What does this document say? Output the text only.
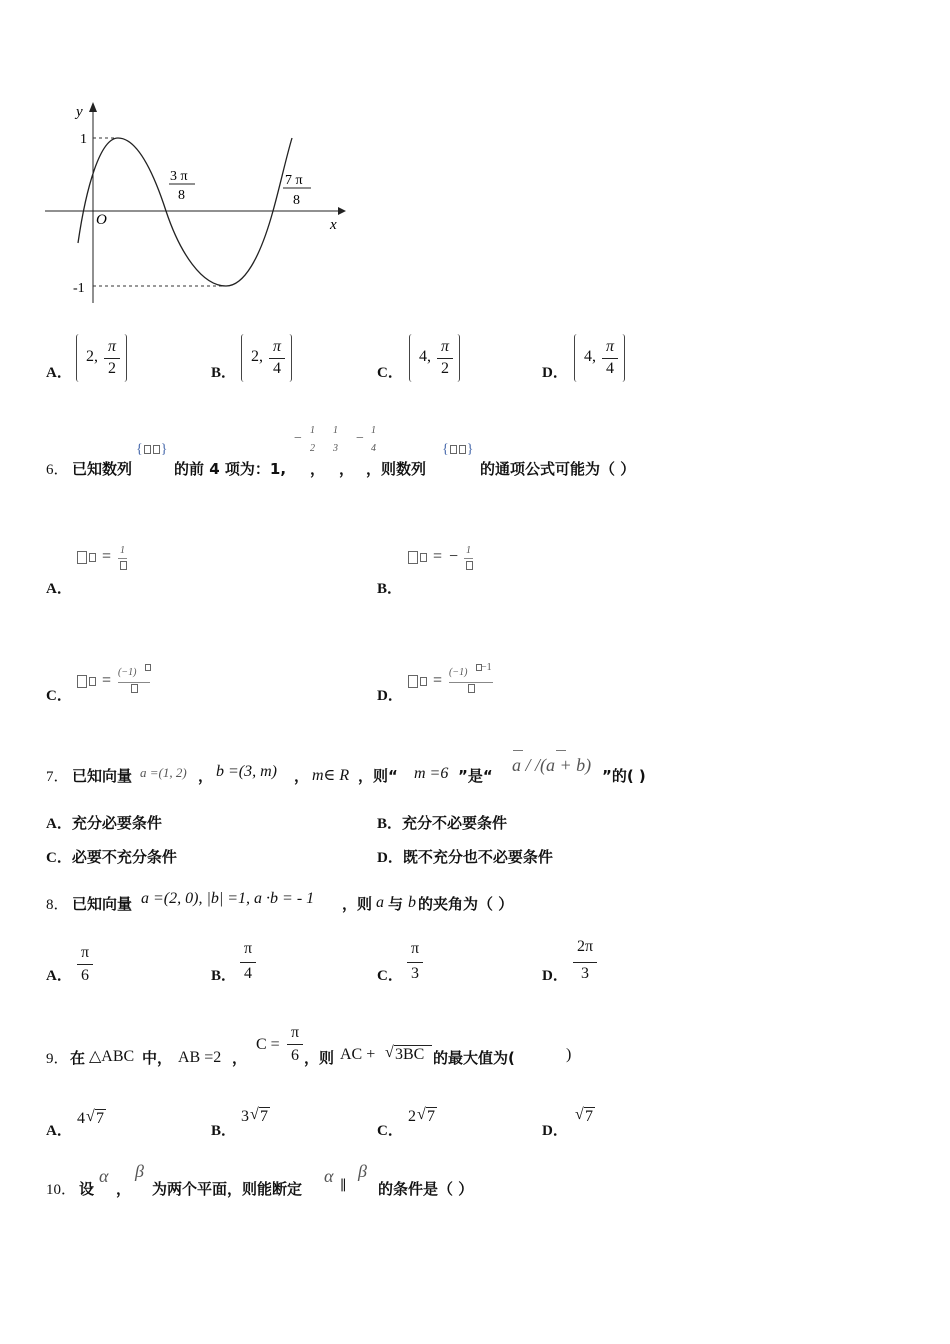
y
x
O
1
-1
3 π
8
7 π
8
A．
2,
π
2	B．
2,
π
4	C．
4,
π
2	D．
4,
π
4
6． 已知数列
{ }
的前 4 项为：1,
−
1
2
，
1
3
，
−
1
4
，则数列
{ }
的通项公式可能为（ ）
= 1
A．
= − 1
B．
= (−1)
C．
= (−1) −1
D．
7． 已知向量 a =(1, 2) ， b =(3, m) ， m∈ R ，则“ m =6 ”是“
a / /(a + b)
”的( )
A．充分必要条件	B．充分不必要条件
C．必要不充分条件	D．既不充分也不必要条件
8． 已知向量 a =(2, 0), |b| =1, a ·b = - 1 ，则 a 与 b 的夹角为（ ）
A．
π
6	B．
π
4	C．
π
3	D．
2π
3
9． 在 △ABC 中， AB =2 ，
C =
π
6 ，则 AC + √ 3BC 的最大值为(	)
A．
4 √ 7
B．
3 √ 7
C．
2 √ 7
D．
√ 7
10． 设
α
，
β
为两个平面，则能断定
α
∥
β
的条件是（ ）
